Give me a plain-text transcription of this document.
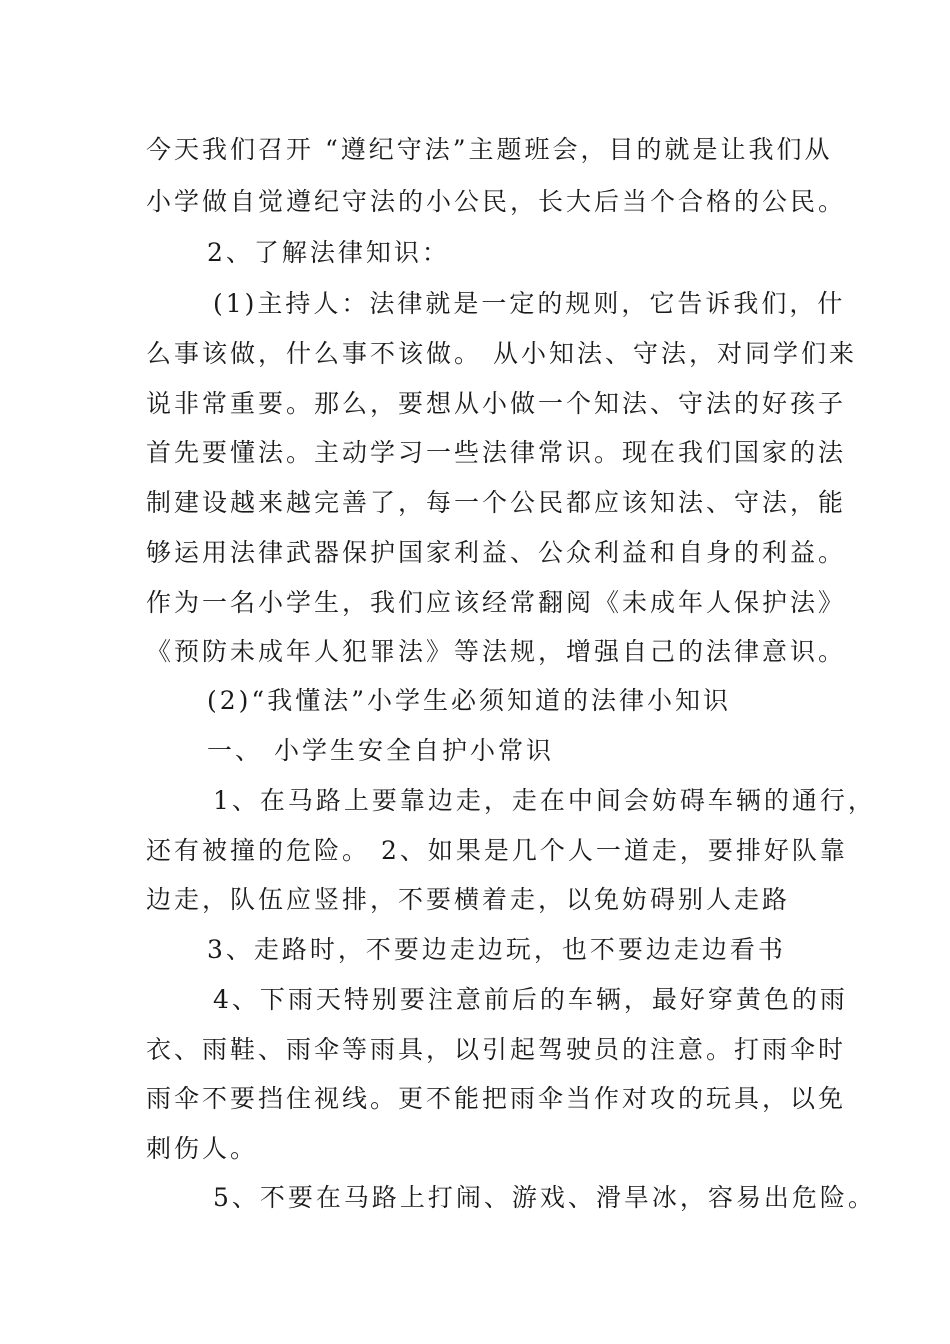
今天我们召开 “遵纪守法”主题班会，目的就是让我们从
小学做自觉遵纪守法的小公民，长大后当个合格的公民。
2、了解法律知识：
(1)主持人：法律就是一定的规则，它告诉我们，什
么事该做，什么事不该做。 从小知法、守法，对同学们来
说非常重要。那么，要想从小做一个知法、守法的好孩子
首先要懂法。主动学习一些法律常识。现在我们国家的法
制建设越来越完善了，每一个公民都应该知法、守法，能
够运用法律武器保护国家利益、公众利益和自身的利益。
作为一名小学生，我们应该经常翻阅《未成年人保护法》
《预防未成年人犯罪法》等法规，增强自己的法律意识。
(2)“我懂法”小学生必须知道的法律小知识
一、 小学生安全自护小常识
1、在马路上要靠边走，走在中间会妨碍车辆的通行，
还有被撞的危险。 2、如果是几个人一道走，要排好队靠
边走，队伍应竖排，不要横着走，以免妨碍别人走路
3、走路时，不要边走边玩，也不要边走边看书
4、下雨天特别要注意前后的车辆，最好穿黄色的雨
衣、雨鞋、雨伞等雨具，以引起驾驶员的注意。打雨伞时
雨伞不要挡住视线。更不能把雨伞当作对攻的玩具，以免
刺伤人。
5、不要在马路上打闹、游戏、滑旱冰，容易出危险。
